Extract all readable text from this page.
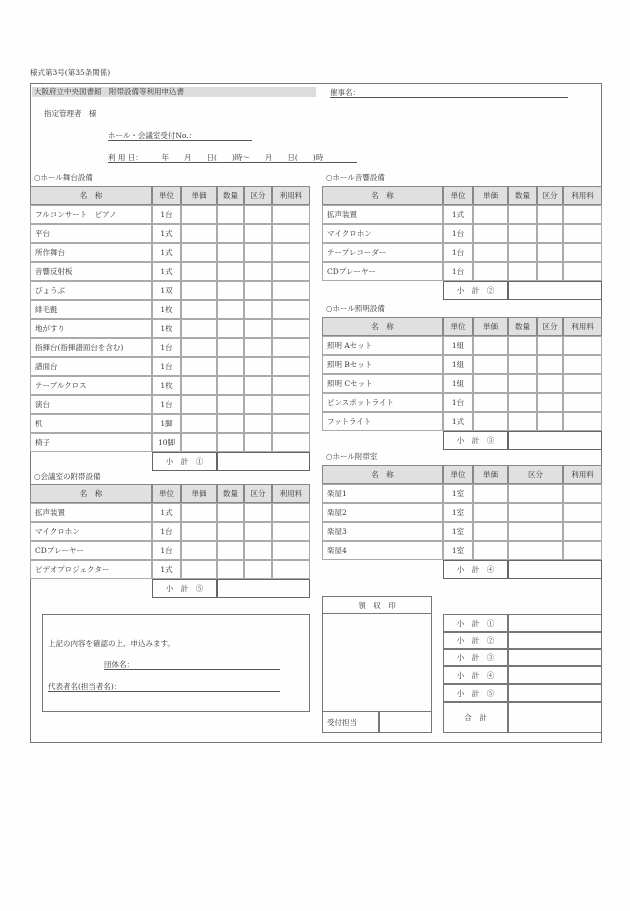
様式第3号(第35条関係)
大阪府立中央図書館　附帯設備等利用申込書	催事名：
指定管理者　様
ホール・会議室受付No.：
利 用 日：　　　年　　月　　日(　　)時～　　月　　日(　　)時
○ホール舞台設備
名　称	単位	単価	数量	区分	利用料
フルコンサート　ピアノ	1台
平台	1式
所作舞台	1式
音響反射板	1式
びょうぶ	1双
緋毛氈	1枚
地がすり	1枚
指揮台(指揮譜面台を含む)	1台
譜面台	1台
テーブルクロス	1枚
演台	1台
机	1脚
椅子	10脚
小　計　①
○ホール音響設備
名　称	単位	単価	数量	区分	利用料
拡声装置	1式
マイクロホン	1台
テープレコーダー	1台
CDプレーヤー	1台
小　計　②
○ホール照明設備
名　称	単位	単価	数量	区分	利用料
照明 Aセット	1組
照明 Bセット	1組
照明 Cセット	1組
ピンスポットライト	1台
フットライト	1式
小　計　③
○ホール附帯室
名　称	単位	単価	区分	利用料
楽屋1	1室
楽屋2	1室
楽屋3	1室
楽屋4	1室
小　計　④
○会議室の附帯設備
名　称	単位	単価	数量	区分	利用料
拡声装置	1式
マイクロホン	1台
CDプレーヤー	1台
ビデオプロジェクター	1式
小　計　⑤
上記の内容を確認の上、申込みます。
団体名：
代表者名(担当者名)：
領　収　印
受付担当
小　計　①
小　計　②
小　計　③
小　計　④
小　計　⑤
合　計
